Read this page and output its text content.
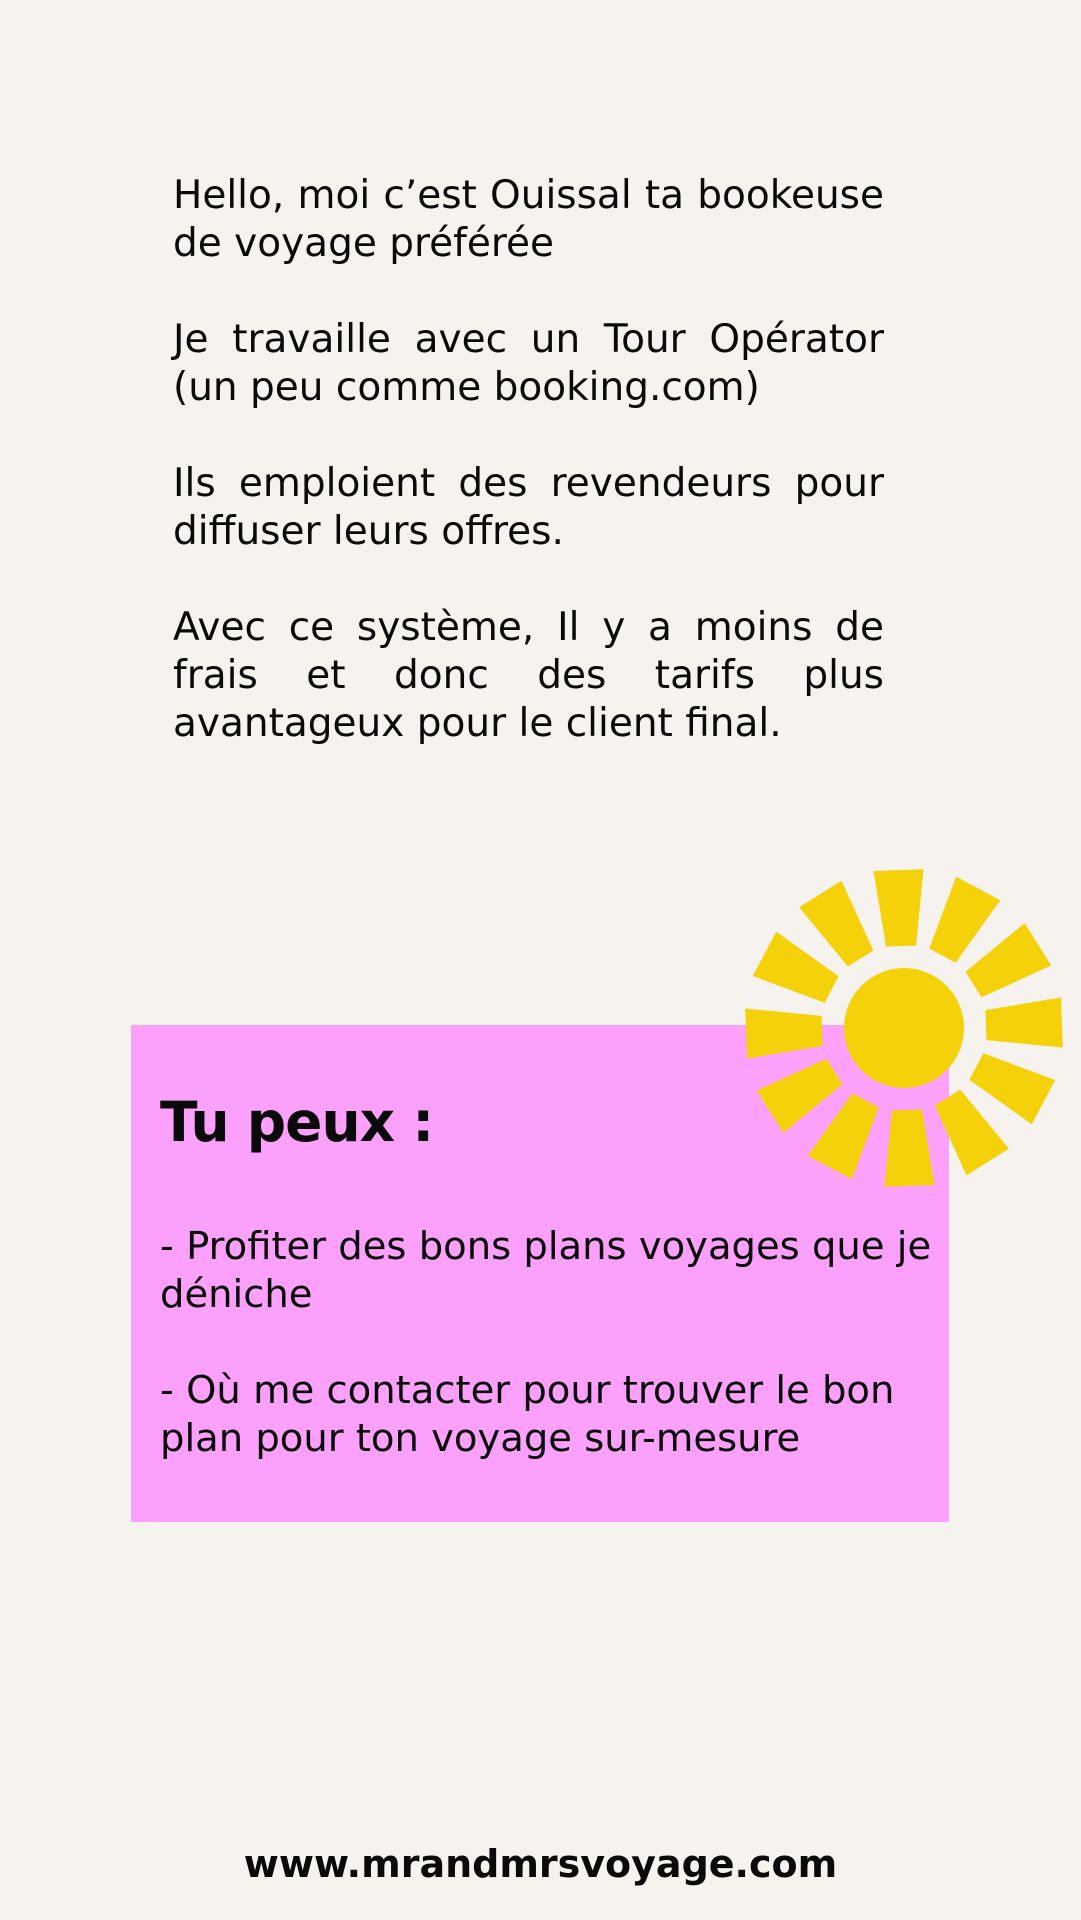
Hello, moi c’est Ouissal ta bookeuse de voyage préférée

Je travaille avec un Tour Opérator (un peu comme booking.com)

Ils emploient des revendeurs pour diffuser leurs offres.

Avec ce système, Il y a moins de frais et donc des tarifs plus avantageux pour le client final.

Tu peux :

- Profiter des bons plans voyages que je déniche

- Où me contacter pour trouver le bon plan pour ton voyage sur-mesure

www.mrandmrsvoyage.com
